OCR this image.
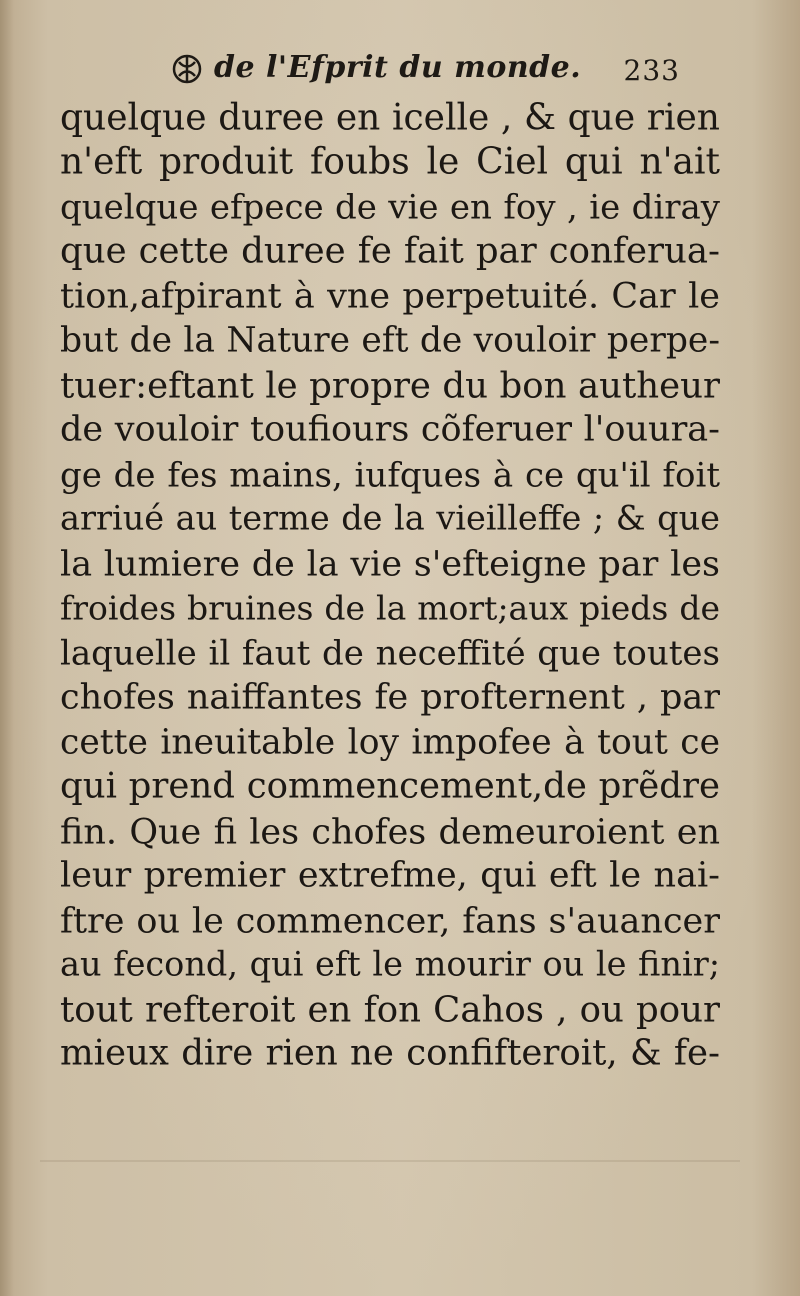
de l'Efprit du monde. 233
quelque duree en icelle , & que rien
n'eft produit foubs le Ciel qui n'ait
quelque efpece de vie en foy , ie diray
que cette duree fe fait par conferua-
tion,afpirant à vne perpetuité. Car le
but de la Nature eft de vouloir perpe-
tuer:eftant le propre du bon autheur
de vouloir toufiours cõferuer l'ouura-
ge de fes mains, iufques à ce qu'il foit
arriué au terme de la vieilleffe ; & que
la lumiere de la vie s'efteigne par les
froides bruines de la mort;aux pieds de
laquelle il faut de neceffité que toutes
chofes naiffantes fe profternent , par
cette ineuitable loy impofee à tout ce
qui prend commencement,de prẽdre
fin. Que fi les chofes demeuroient en
leur premier extrefme, qui eft le nai-
ftre ou le commencer, fans s'auancer
au fecond, qui eft le mourir ou le finir;
tout refteroit en fon Cahos , ou pour
mieux dire rien ne confifteroit, & fe-
